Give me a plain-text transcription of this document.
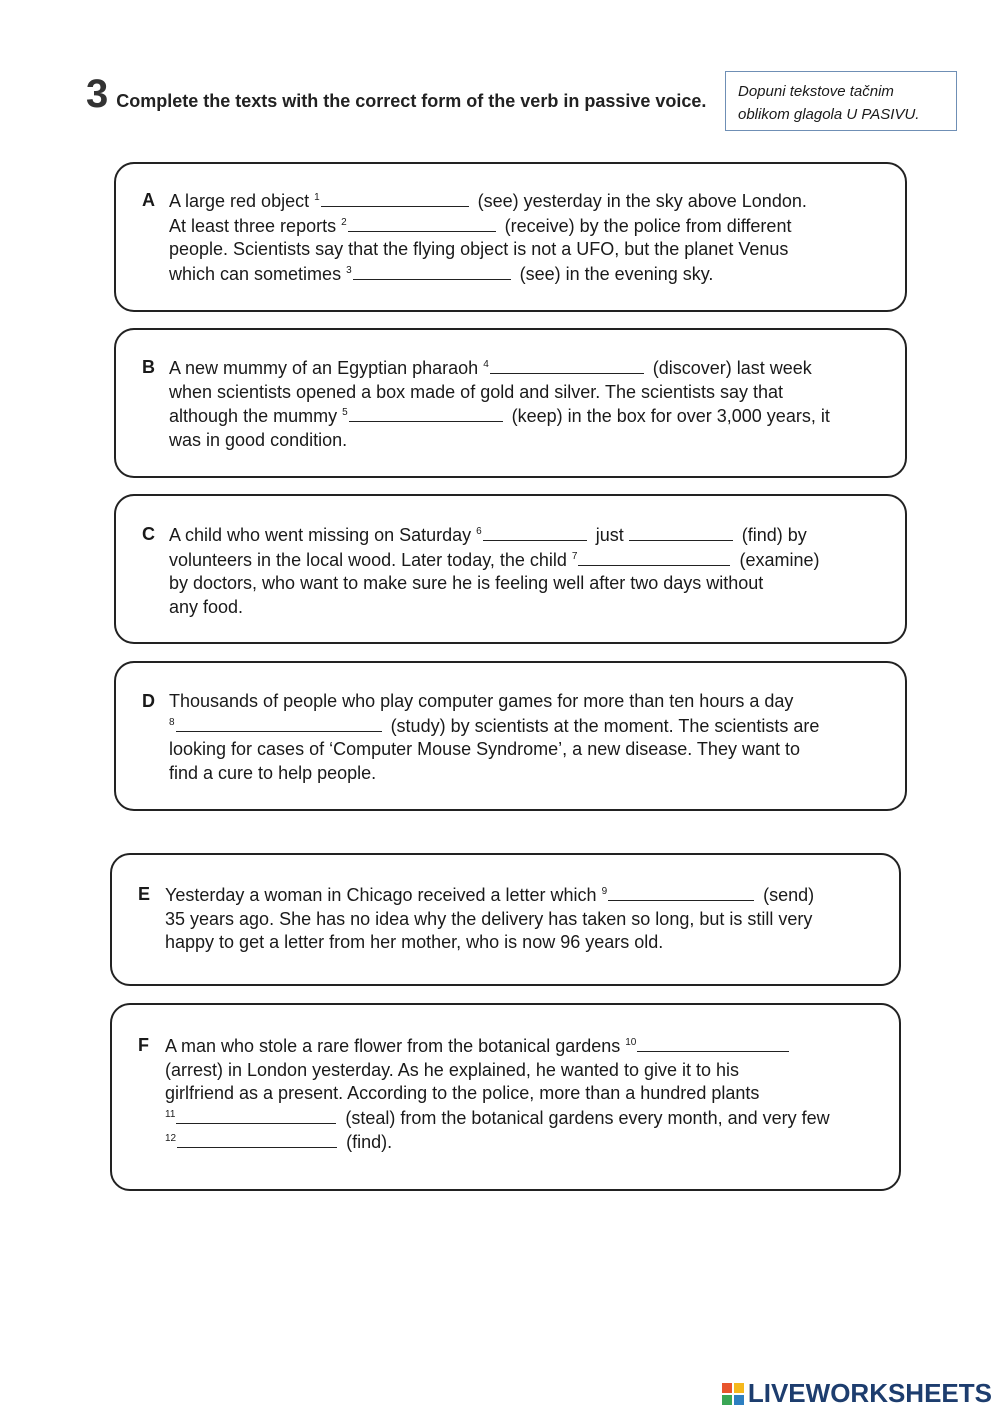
3 Complete the texts with the correct form of the verb in passive voice. Dopuni tekstove tačnim
oblikom glagola U PASIVU.
A A large red object $^1$	(see) yesterday in the sky above London.
At least three reports $^2$	(receive) by the police from different
people. Scientists say that the flying object is not a UFO, but the planet Venus
which can sometimes $^3$	(see) in the evening sky.
B A new mummy of an Egyptian pharaoh $^4$	(discover) last week
when scientists opened a box made of gold and silver. The scientists say that
although the mummy $^5$	(keep) in the box for over 3,000 years, it
was in good condition.
C A child who went missing on Saturday $^6$	just	(find) by
volunteers in the local wood. Later today, the child $^7$	(examine)
by doctors, who want to make sure he is feeling well after two days without
any food.
D Thousands of people who play computer games for more than ten hours a day
$^8$	(study) by scientists at the moment. The scientists are
looking for cases of ‘Computer Mouse Syndrome’, a new disease. They want to
find a cure to help people.
E Yesterday a woman in Chicago received a letter which $^9$	(send)
35 years ago. She has no idea why the delivery has taken so long, but is still very
happy to get a letter from her mother, who is now 96 years old.
F A man who stole a rare flower from the botanical gardens $^{10}$
(arrest) in London yesterday. As he explained, he wanted to give it to his
girlfriend as a present. According to the police, more than a hundred plants
$^{11}$	(steal) from the botanical gardens every month, and very few
$^{12}$	(find).
LIVEWORKSHEETS
